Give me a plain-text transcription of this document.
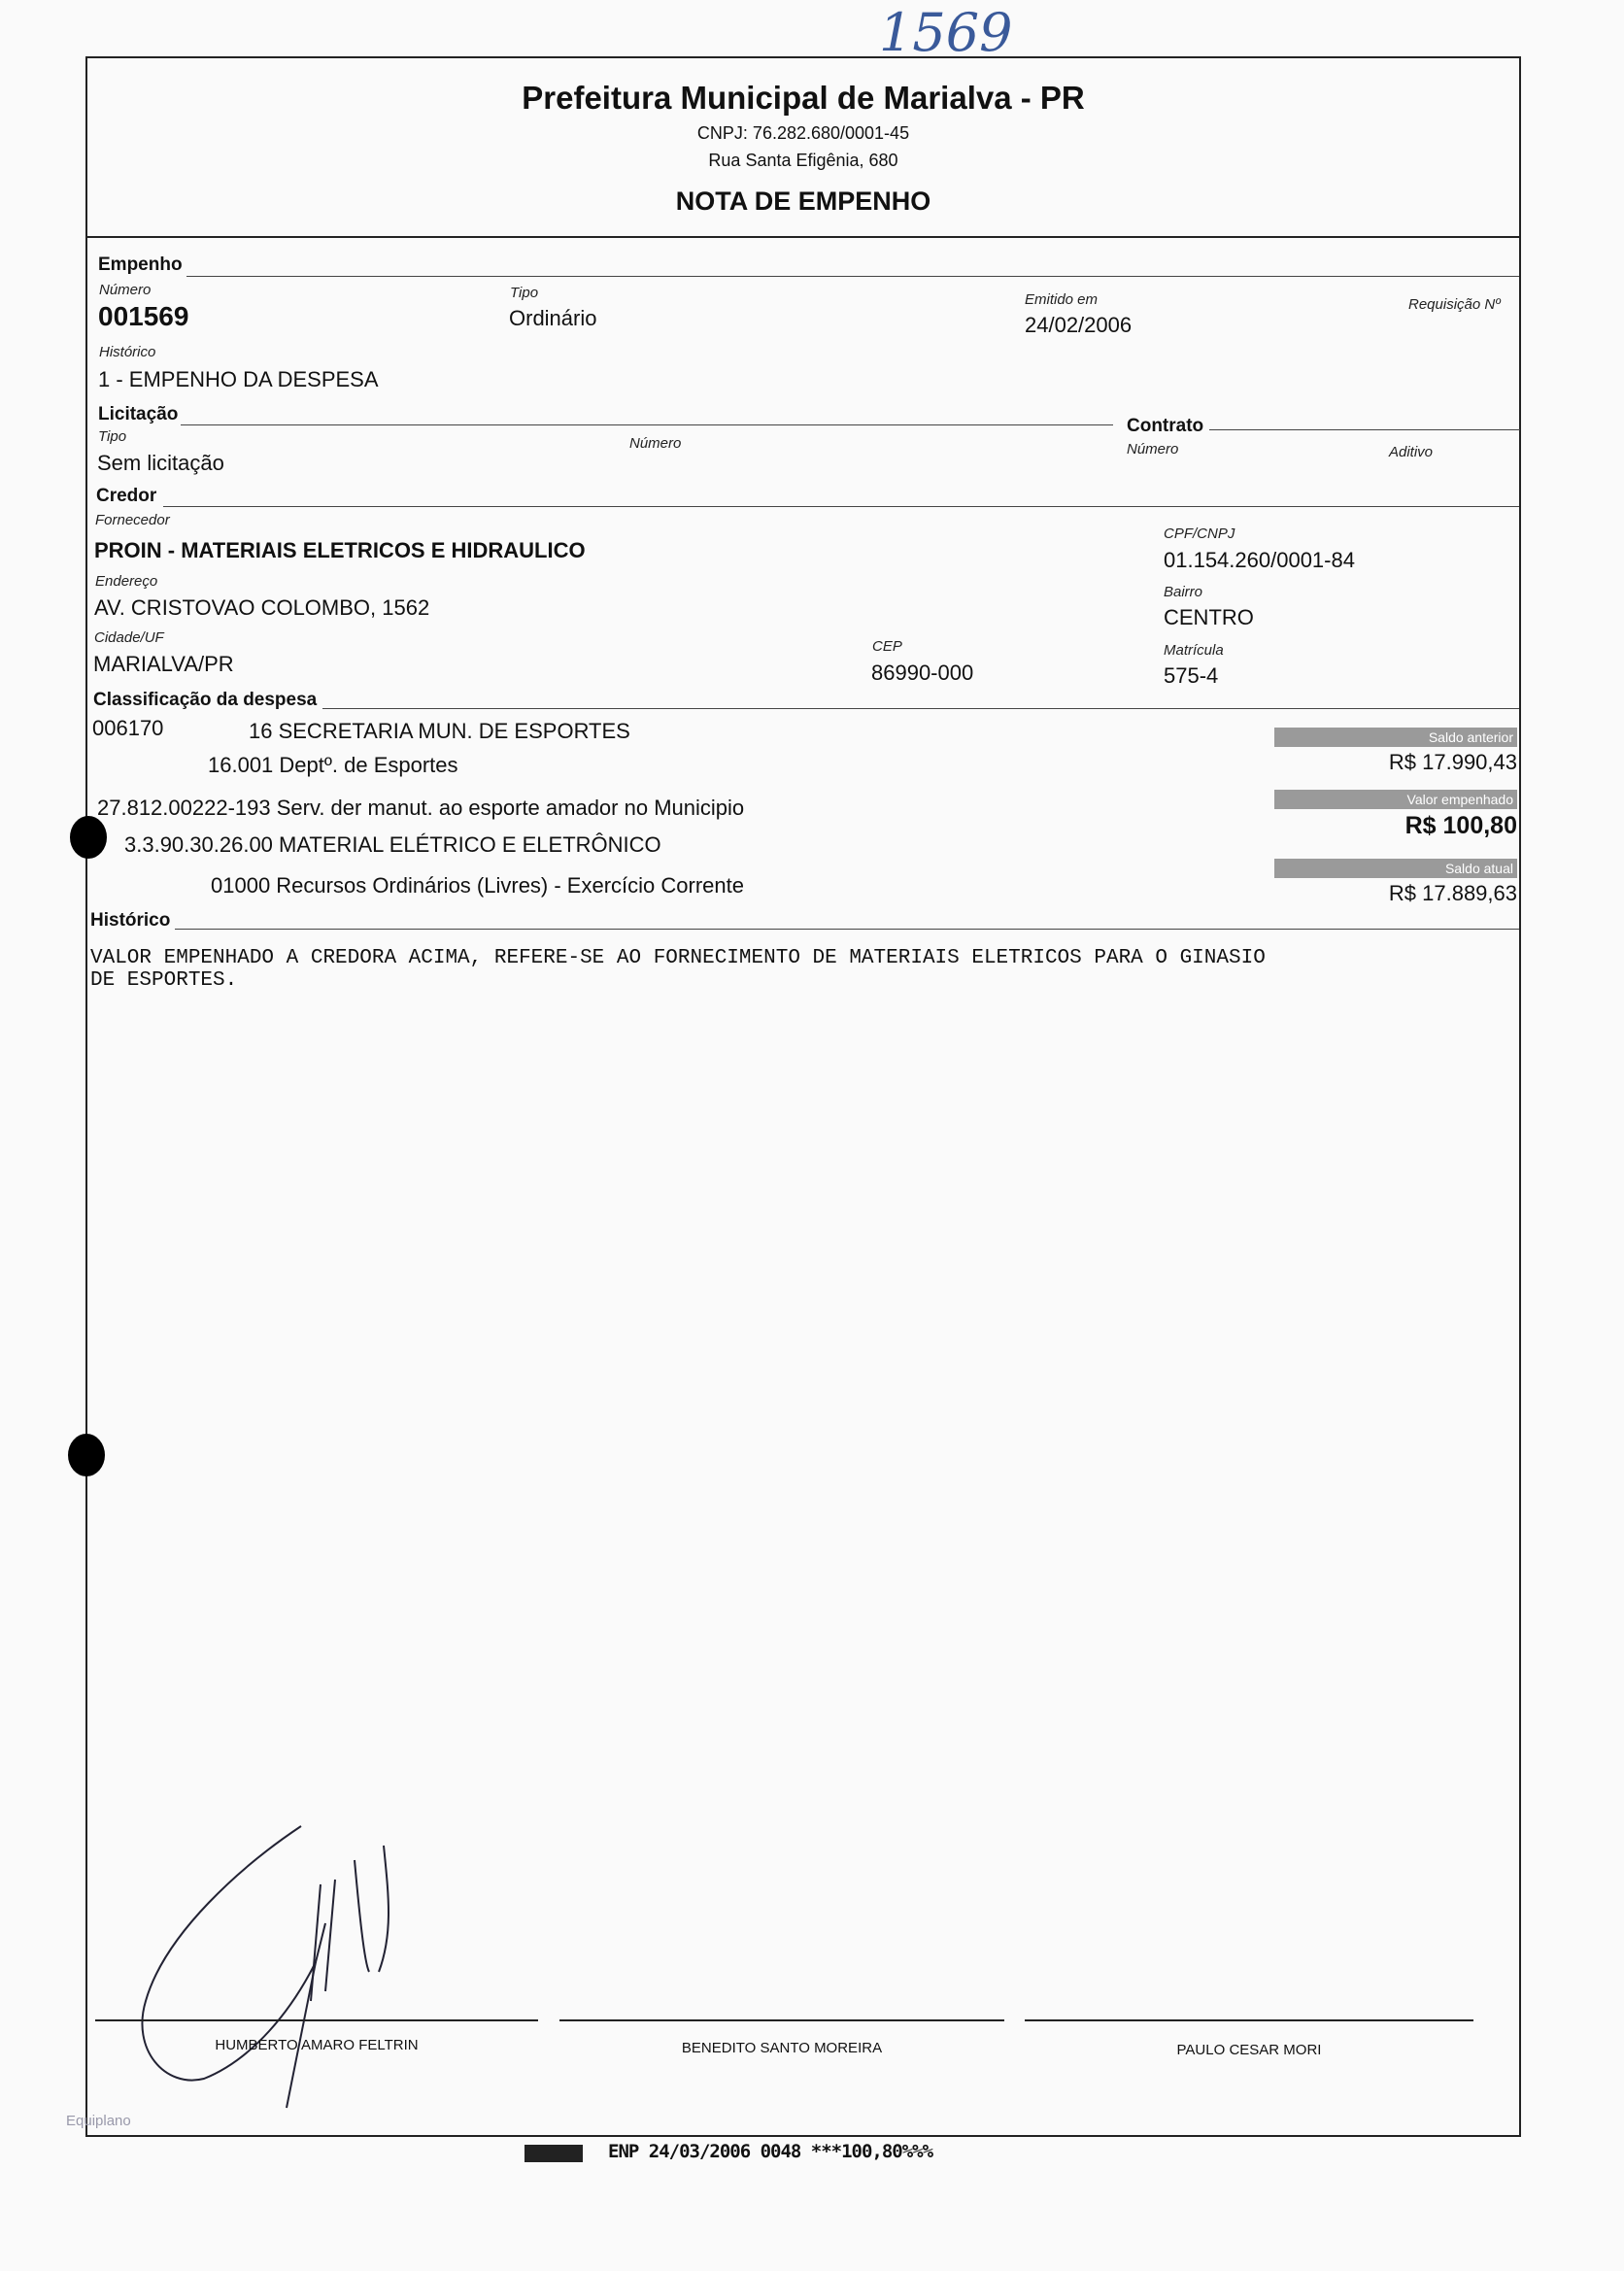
1569
Prefeitura Municipal de Marialva - PR
CNPJ: 76.282.680/0001-45
Rua Santa Efigênia, 680
NOTA DE EMPENHO
Empenho
Número
001569
Tipo
Ordinário
Emitido em
24/02/2006
Requisição Nº
Histórico
1 - EMPENHO DA DESPESA
Licitação
Tipo
Sem licitação
Número
Contrato
Número	Aditivo
Credor
Fornecedor
PROIN - MATERIAIS ELETRICOS E HIDRAULICO
CPF/CNPJ
01.154.260/0001-84
Endereço
AV. CRISTOVAO COLOMBO, 1562
Bairro
CENTRO
Cidade/UF
MARIALVA/PR
CEP
86990-000
Matrícula
575-4
Classificação da despesa
006170	16 SECRETARIA MUN. DE ESPORTES
16.001 Deptº. de Esportes
27.812.00222-193 Serv. der manut. ao esporte amador no Municipio
3.3.90.30.26.00 MATERIAL ELÉTRICO E ELETRÔNICO
01000 Recursos Ordinários (Livres) - Exercício Corrente
Saldo anterior
R$ 17.990,43
Valor empenhado
R$ 100,80
Saldo atual
R$ 17.889,63
Histórico
VALOR EMPENHADO A CREDORA ACIMA, REFERE-SE AO FORNECIMENTO DE MATERIAIS ELETRICOS PARA O GINASIO
DE ESPORTES.
HUMBERTO AMARO FELTRIN	BENEDITO SANTO MOREIRA	PAULO CESAR MORI
Equiplano
ENP 24/03/2006 0048 ***100,80%%%
